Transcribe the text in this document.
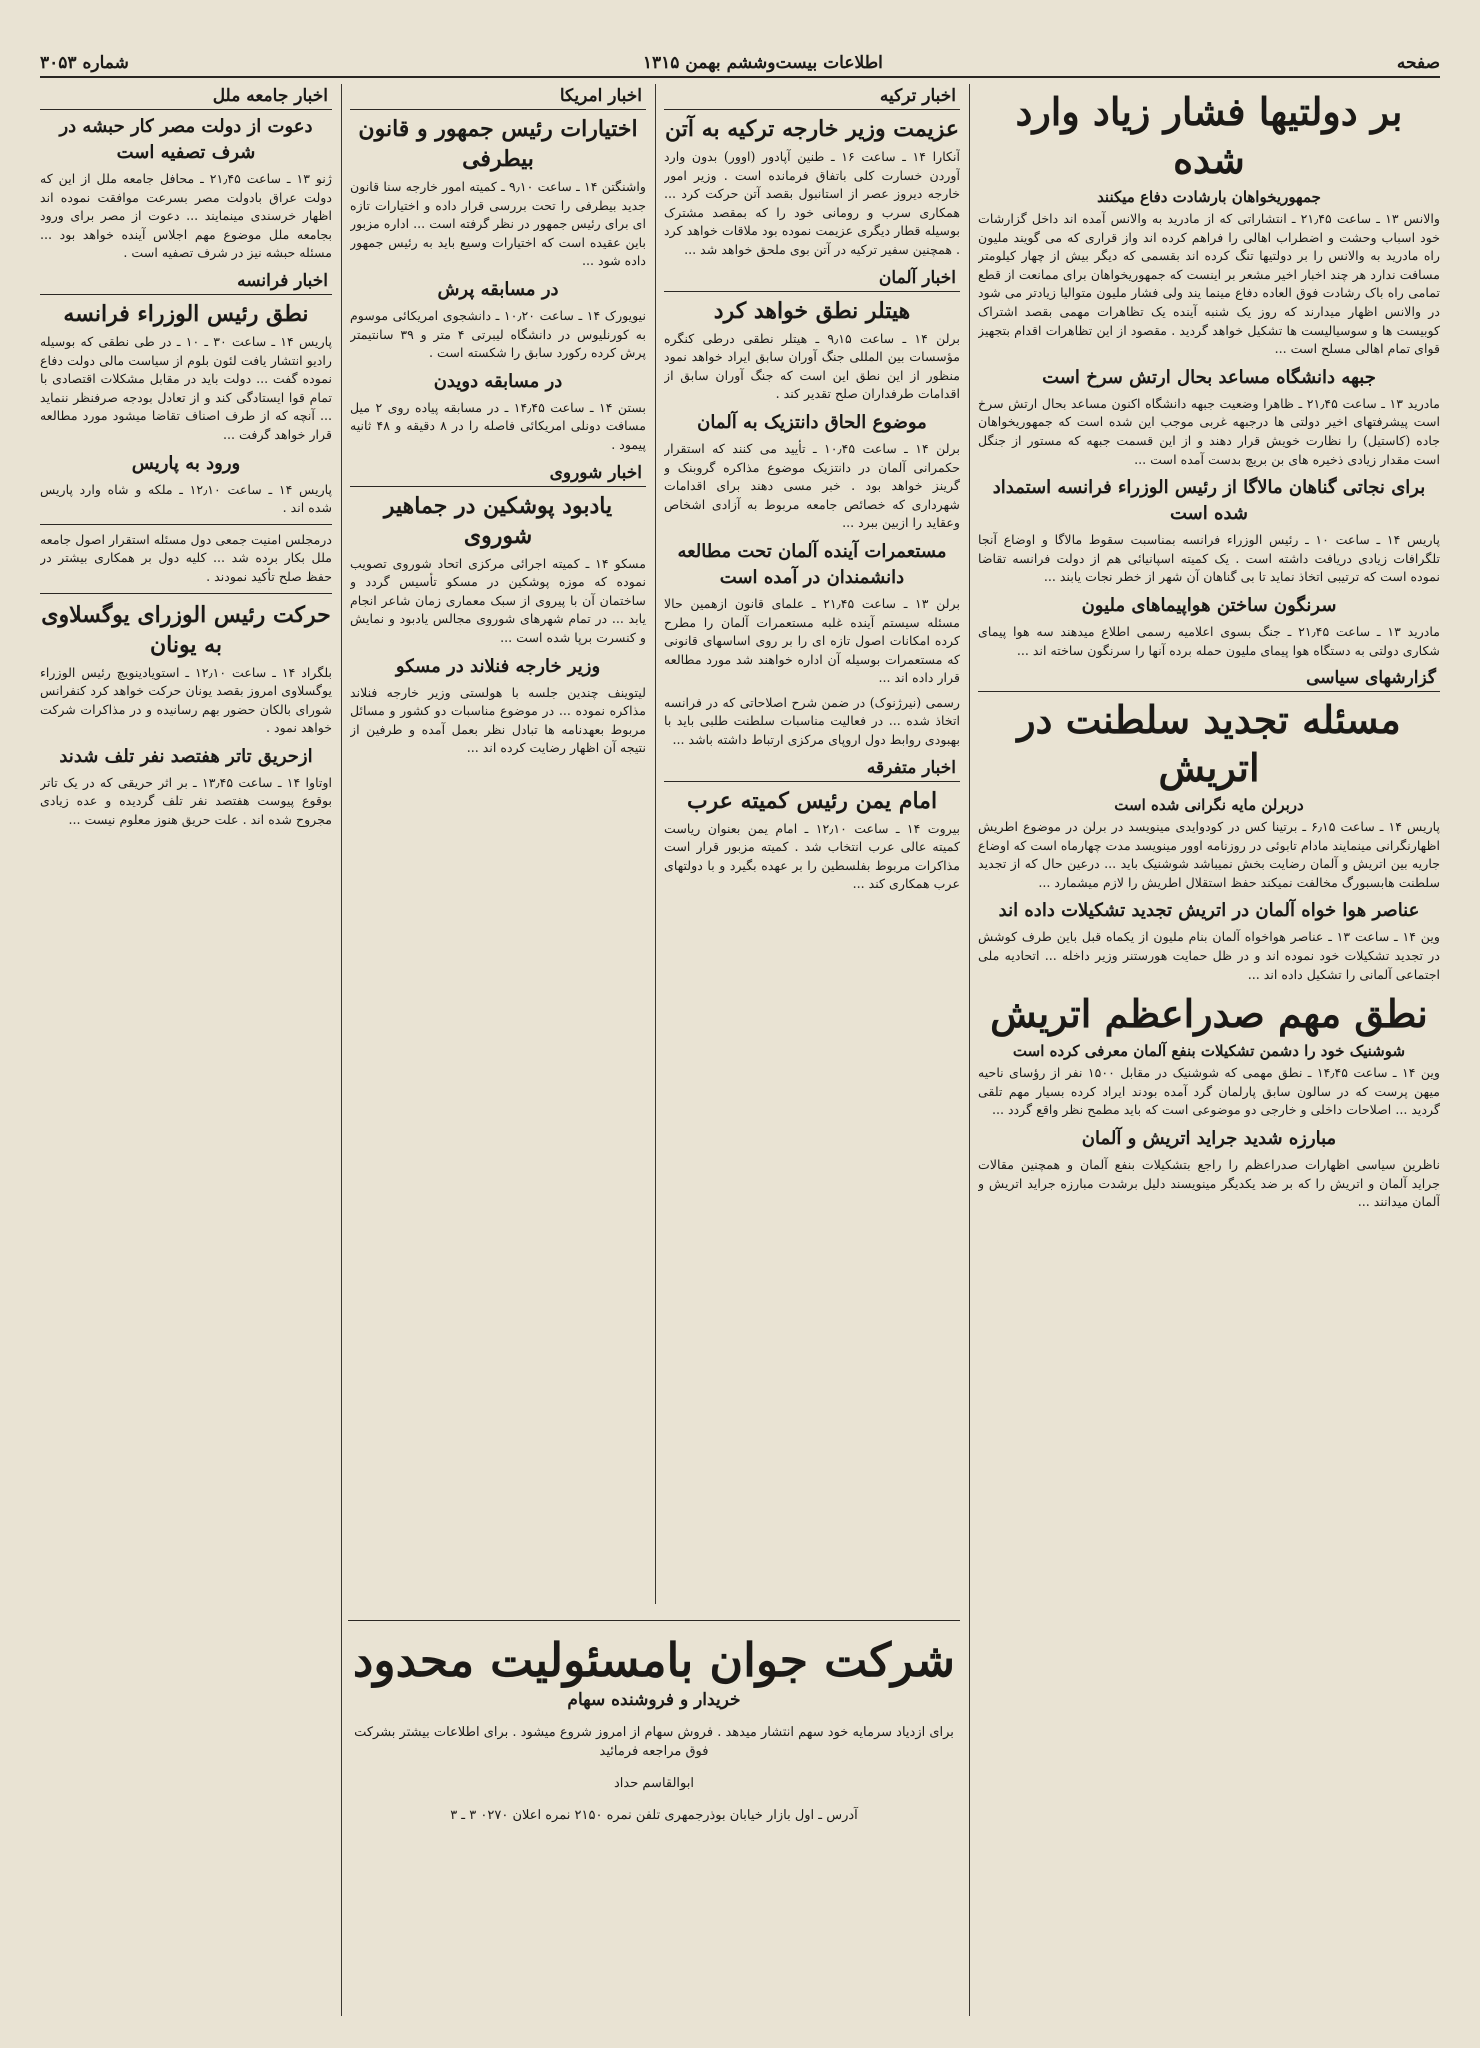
صفحه
اطلاعات بیست‌وششم بهمن ۱۳۱۵
شماره ۳۰۵۳
بر دولتیها فشار زیاد وارد شده
جمهوریخواهان بارشادت دفاع میکنند

والانس ۱۳ ـ ساعت ۲۱٫۴۵ ـ انتشاراتی که از مادرید به والانس آمده اند داخل گزارشات خود اسباب وحشت و اضطراب اهالی را فراهم کرده اند واز قراری که می گویند ملیون راه مادرید به والانس را بر دولتیها تنگ کرده اند بقسمی که دیگر بیش از چهار کیلومتر مسافت ندارد هر چند اخبار اخیر مشعر بر اینست که جمهوریخواهان برای ممانعت از قطع تمامی راه باک رشادت فوق العاده دفاع مینما یند ولی فشار ملیون متوالیا زیادتر می شود در والانس اظهار میدارند که روز یک شنبه آینده یک تظاهرات مهمی بقصد اشتراک کوبیست ها و سوسیالیست ها تشکیل خواهد گردید . مقصود از این تظاهرات اقدام بتجهیز قوای تمام اهالی مسلح است ...

جبهه دانشگاه مساعد بحال ارتش سرخ است

مادرید ۱۳ ـ ساعت ۲۱٫۴۵ ـ ظاهرا وضعیت جبهه دانشگاه اکنون مساعد بحال ارتش سرخ است پیشرفتهای اخیر دولتی ها درجبهه غربی موجب این شده است که جمهوریخواهان جاده (کاستیل) را نظارت خویش قرار دهند و از این قسمت جبهه که مستور از جنگل است مقدار زیادی ذخیره های بن بریچ بدست آمده است ...

برای نجاتی گناهان مالاگا از رئیس الوزراء فرانسه استمداد شده است

پاریس ۱۴ ـ ساعت ۱۰ ـ رئیس الوزراء فرانسه بمناسبت سقوط مالاگا و اوضاع آنجا تلگرافات زیادی دریافت داشته است . یک کمیته اسپانیائی هم از دولت فرانسه تقاضا نموده است که ترتیبی اتخاذ نماید تا بی گناهان آن شهر از خطر نجات یابند ...

سرنگون ساختن هواپیماهای ملیون

مادرید ۱۳ ـ ساعت ۲۱٫۴۵ ـ جنگ بسوی اعلامیه رسمی اطلاع میدهند سه هوا پیمای شکاری دولتی به دستگاه هوا پیمای ملیون حمله برده آنها را سرنگون ساخته اند ...

گزارشهای سیاسی
مسئله تجدید سلطنت در اتریش
دربرلن مایه نگرانی شده است

پاریس ۱۴ ـ ساعت ۶٫۱۵ ـ برتینا کس در کودوایدی مینویسد در برلن در موضوع اطریش اظهارنگرانی مینمایند مادام تابوئی در روزنامه اوور مینویسد مدت چهارماه است که اوضاع جاریه بین اتریش و آلمان رضایت بخش نمیباشد شوشنیک باید ... درعین حال که از تجدید سلطنت هابسبورگ مخالفت نمیکند حفظ استقلال اطریش را لازم میشمارد ...

عناصر هوا خواه آلمان در اتریش تجدید تشکیلات داده اند

وین ۱۴ ـ ساعت ۱۳ ـ عناصر هواخواه آلمان بنام ملیون از یکماه قبل باین طرف کوشش در تجدید تشکیلات خود نموده اند و در ظل حمایت هورستنر وزیر داخله ... اتحادیه ملی اجتماعی آلمانی را تشکیل داده اند ...

نطق مهم صدراعظم اتریش
شوشنیک خود را دشمن تشکیلات بنفع آلمان معرفی کرده است

وین ۱۴ ـ ساعت ۱۴٫۴۵ ـ نطق مهمی که شوشنیک در مقابل ۱۵۰۰ نفر از رؤسای ناحیه میهن پرست که در سالون سابق پارلمان گرد آمده بودند ایراد کرده بسیار مهم تلقی گردید ... اصلاحات داخلی و خارجی دو موضوعی است که باید مطمح نظر واقع گردد ...

مبارزه شدید جراید اتریش و آلمان

ناظرین سیاسی اظهارات صدراعظم را راجع بتشکیلات بنفع آلمان و همچنین مقالات جراید آلمان و اتریش را که بر ضد یکدیگر مینویسند دلیل برشدت مبارزه جراید اتریش و آلمان میدانند ...

اخبار ترکیه
عزیمت وزیر خارجه ترکیه به آتن

آنکارا ۱۴ ـ ساعت ۱۶ ـ طنین آپادور (اوور) بدون وارد آوردن خسارت کلی باتفاق فرمانده است . وزیر امور خارجه دیروز عصر از استانبول بقصد آتن حرکت کرد ... همکاری سرب و رومانی خود را که بمقصد مشترک بوسیله قطار دیگری عزیمت نموده بود ملاقات خواهد کرد . همچنین سفیر ترکیه در آتن بوی ملحق خواهد شد ...

اخبار آلمان
هیتلر نطق خواهد کرد

برلن ۱۴ ـ ساعت ۹٫۱۵ ـ هیتلر نطقی درطی کنگره مؤسسات بین المللی جنگ آوران سابق ایراد خواهد نمود منظور از این نطق این است که جنگ آوران سابق از اقدامات طرفداران صلح تقدیر کند .

موضوع الحاق دانتزیک به آلمان

برلن ۱۴ ـ ساعت ۱۰٫۴۵ ـ تأیید می کنند که استقرار حکمرانی آلمان در دانتزیک موضوع مذاکره گروبنک و گرینز خواهد بود . خبر مسی دهند برای اقدامات شهرداری که خصائص جامعه مربوط به آزادی اشخاص وعقاید را ازبین ببرد ...

مستعمرات آینده آلمان تحت مطالعه دانشمندان در آمده است

برلن ۱۳ ـ ساعت ۲۱٫۴۵ ـ علمای قانون ازهمین حالا مسئله سیستم آینده غلبه مستعمرات آلمان را مطرح کرده امکانات اصول تازه ای را بر روی اساسهای قانونی که مستعمرات بوسیله آن اداره خواهند شد مورد مطالعه قرار داده اند ...

رسمی (نیرژنوک) در ضمن شرح اصلاحاتی که در فرانسه اتخاذ شده ... در فعالیت مناسبات سلطنت طلبی باید با بهبودی روابط دول اروپای مرکزی ارتباط داشته باشد ...

اخبار متفرقه
امام یمن رئیس کمیته عرب

بیروت ۱۴ ـ ساعت ۱۲٫۱۰ ـ امام یمن بعنوان ریاست کمیته عالی عرب انتخاب شد . کمیته مزبور قرار است مذاکرات مربوط بفلسطین را بر عهده بگیرد و با دولتهای عرب همکاری کند ...

اخبار امریکا
اختیارات رئیس جمهور و قانون بیطرفی

واشنگتن ۱۴ ـ ساعت ۹٫۱۰ ـ کمیته امور خارجه سنا قانون جدید بیطرفی را تحت بررسی قرار داده و اختیارات تازه ای برای رئیس جمهور در نظر گرفته است ... اداره مزبور باین عقیده است که اختیارات وسیع باید به رئیس جمهور داده شود ...

در مسابقه پرش

نیویورک ۱۴ ـ ساعت ۱۰٫۲۰ ـ دانشجوی امریکائی موسوم به کورنلیوس در دانشگاه لیبرتی ۴ متر و ۳۹ سانتیمتر پرش کرده رکورد سابق را شکسته است .

در مسابقه دویدن

بستن ۱۴ ـ ساعت ۱۴٫۴۵ ـ در مسابقه پیاده روی ۲ میل مسافت دونلی امریکائی فاصله را در ۸ دقیقه و ۴۸ ثانیه پیمود .

اخبار شوروی
یادبود پوشکین در جماهیر شوروی

مسکو ۱۴ ـ کمیته اجرائی مرکزی اتحاد شوروی تصویب نموده که موزه پوشکین در مسکو تأسیس گردد و ساختمان آن با پیروی از سبک معماری زمان شاعر انجام یابد ... در تمام شهرهای شوروی مجالس یادبود و نمایش و کنسرت برپا شده است ...

وزیر خارجه فنلاند در مسکو

لیتوینف چندین جلسه با هولستی وزیر خارجه فنلاند مذاکره نموده ... در موضوع مناسبات دو کشور و مسائل مربوط بعهدنامه ها تبادل نظر بعمل آمده و طرفین از نتیجه آن اظهار رضایت کرده اند ...

اخبار جامعه ملل
دعوت از دولت مصر کار حبشه در شرف تصفیه است

ژنو ۱۳ ـ ساعت ۲۱٫۴۵ ـ محافل جامعه ملل از این که دولت عراق بادولت مصر بسرعت موافقت نموده اند اظهار خرسندی مینمایند ... دعوت از مصر برای ورود بجامعه ملل موضوع مهم اجلاس آینده خواهد بود ... مسئله حبشه نیز در شرف تصفیه است .

اخبار فرانسه
نطق رئیس الوزراء فرانسه

پاریس ۱۴ ـ ساعت ۳۰ ـ ۱۰ ـ در طی نطقی که بوسیله رادیو انتشار یافت لئون بلوم از سیاست مالی دولت دفاع نموده گفت ... دولت باید در مقابل مشکلات اقتصادی با تمام قوا ایستادگی کند و از تعادل بودجه صرفنظر ننماید ... آنچه که از طرف اصناف تقاضا میشود مورد مطالعه قرار خواهد گرفت ...

ورود به پاریس

پاریس ۱۴ ـ ساعت ۱۲٫۱۰ ـ ملکه و شاه وارد پاریس شده اند .

درمجلس امنیت جمعی دول مسئله استقرار اصول جامعه ملل بکار برده شد ... کلیه دول بر همکاری بیشتر در حفظ صلح تأکید نمودند .

حرکت رئیس الوزرای یوگسلاوی به یونان

بلگراد ۱۴ ـ ساعت ۱۲٫۱۰ ـ استویادینویچ رئیس الوزراء یوگسلاوی امروز بقصد یونان حرکت خواهد کرد کنفرانس شورای بالکان حضور بهم رسانیده و در مذاکرات شرکت خواهد نمود .

ازحریق تاتر هفتصد نفر تلف شدند

اوتاوا ۱۴ ـ ساعت ۱۳٫۴۵ ـ بر اثر حریقی که در یک تاتر بوقوع پیوست هفتصد نفر تلف گردیده و عده زیادی مجروح شده اند . علت حریق هنوز معلوم نیست ...

شرکت جوان بامسئولیت محدود
خریدار و فروشنده سهام

برای ازدیاد سرمایه خود سهم انتشار میدهد . فروش سهام از امروز شروع میشود . برای اطلاعات بیشتر بشرکت فوق مراجعه فرمائید

ابوالقاسم حداد

آدرس ـ اول بازار خیابان بوذرجمهری تلفن نمره ۲۱۵۰ نمره اعلان ۰۲۷۰ ۳ ـ ۳
